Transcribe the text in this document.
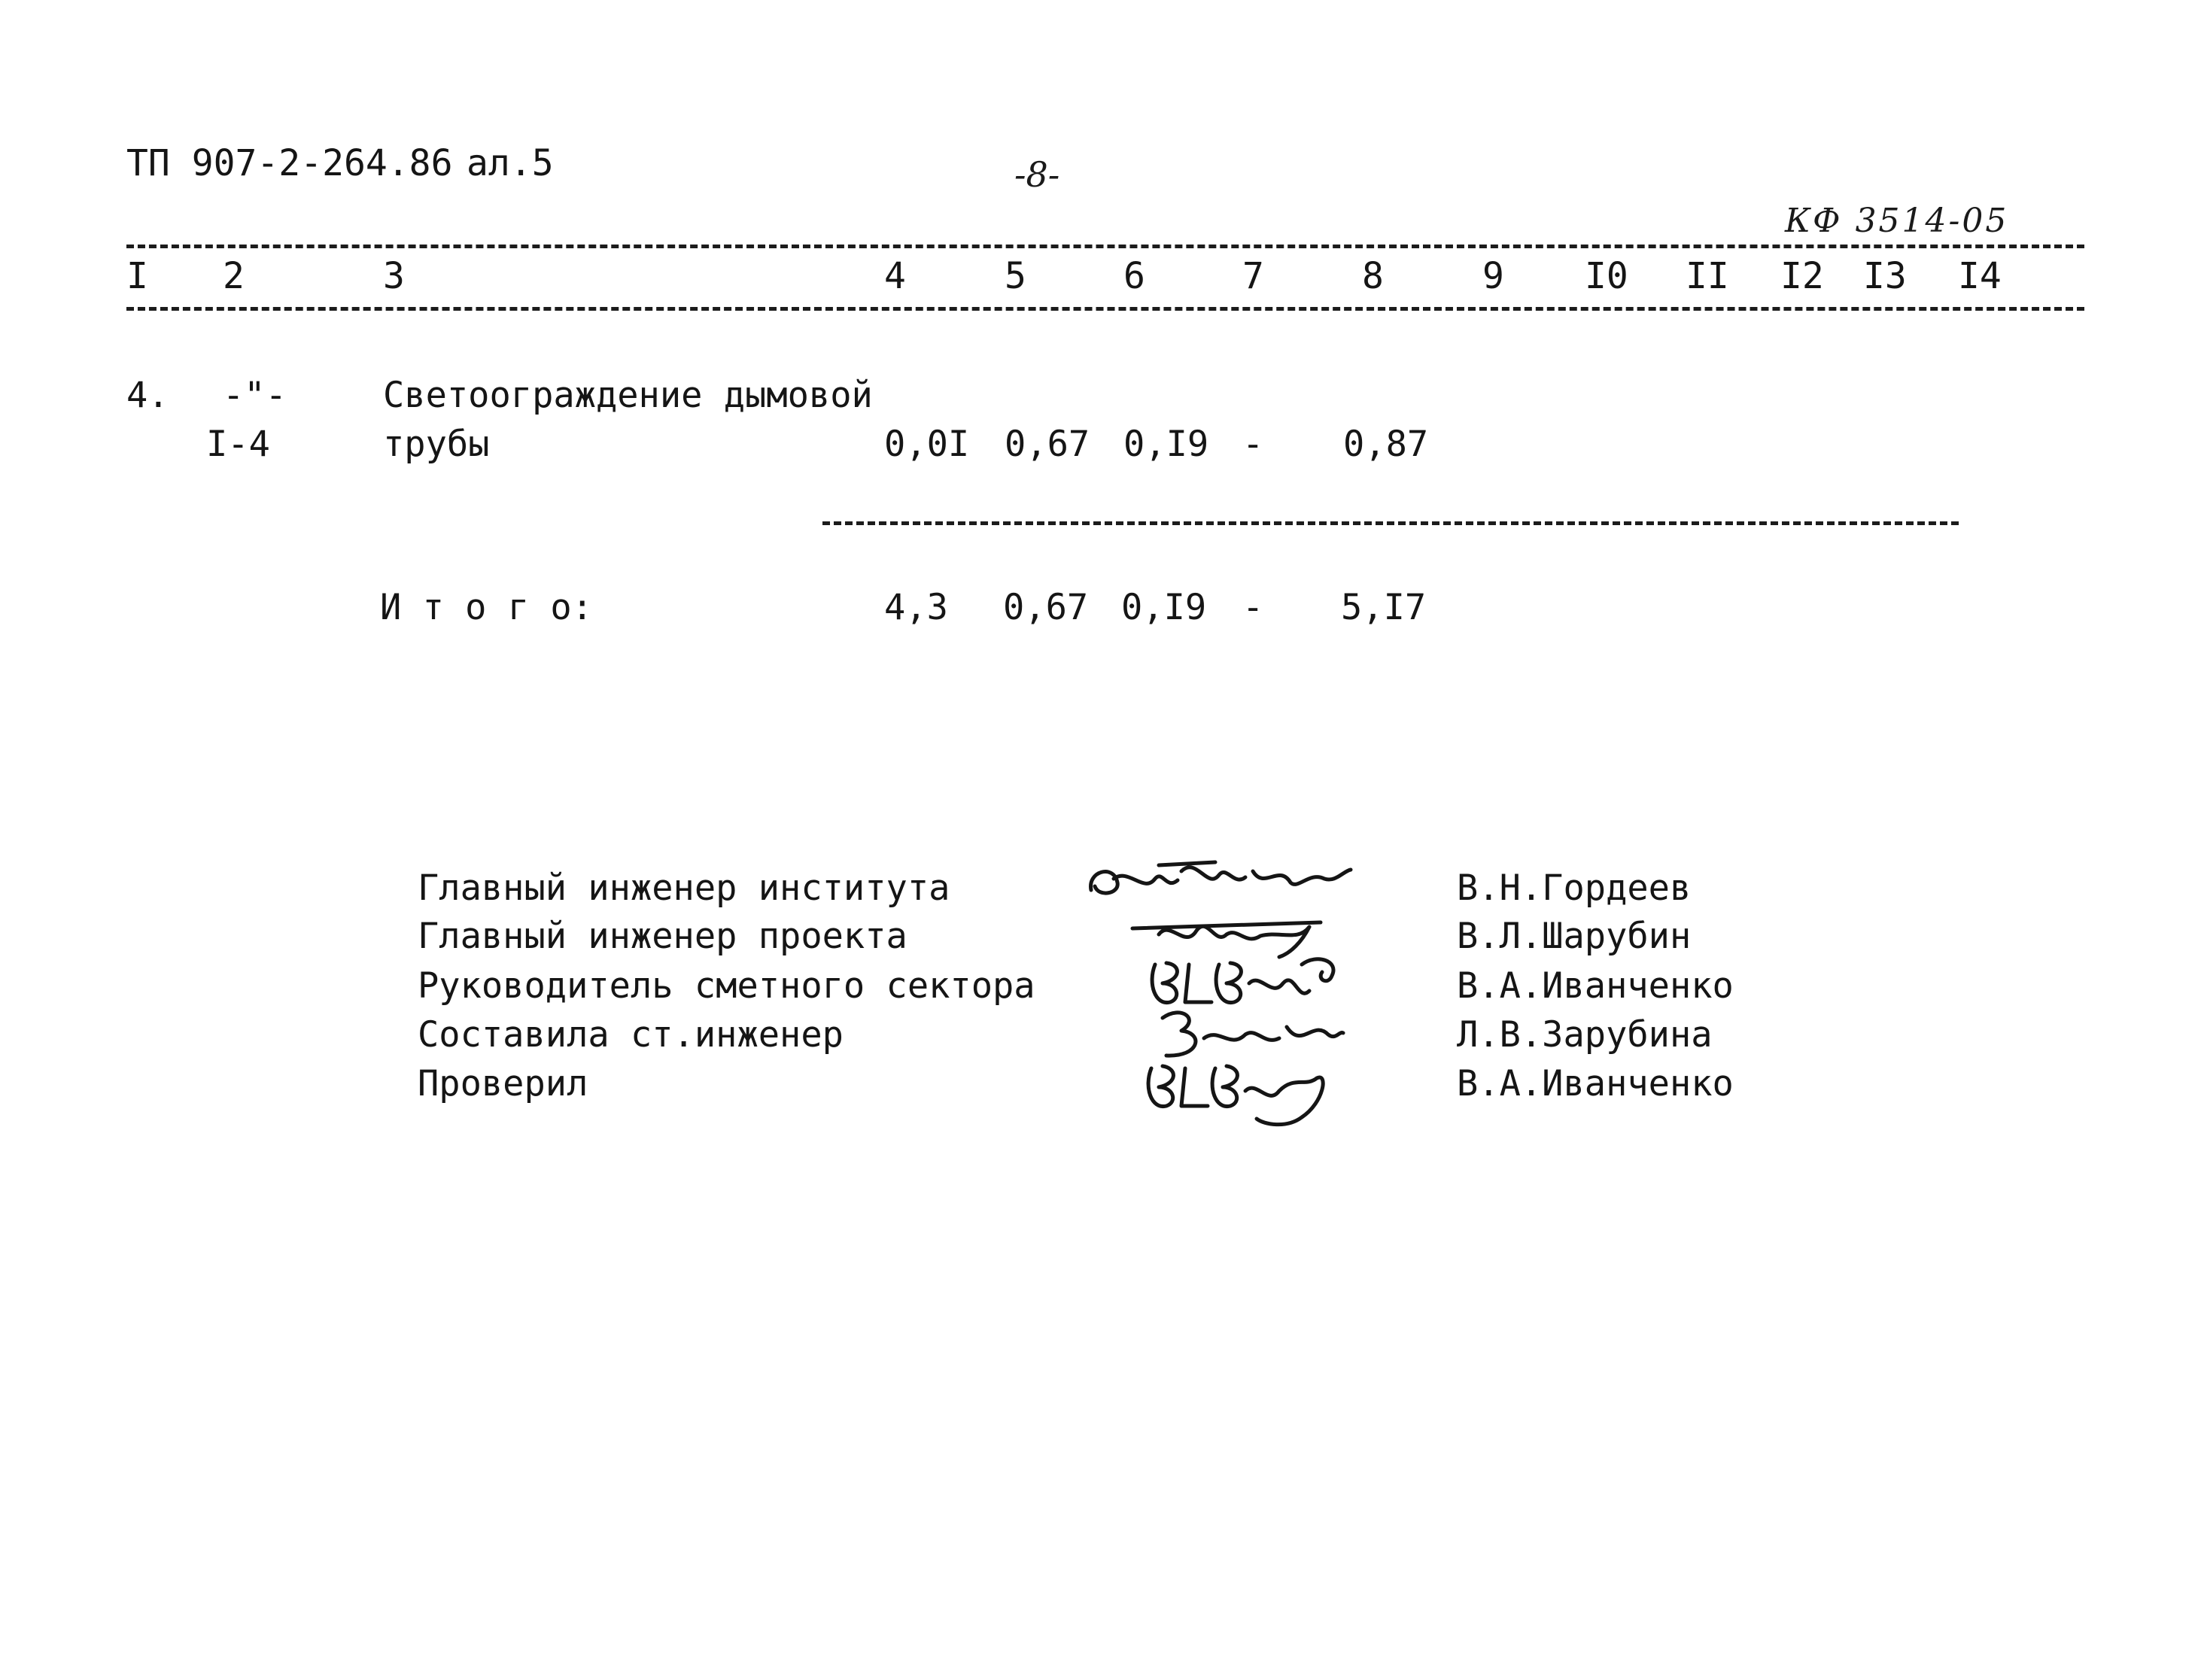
ТП 907-2-264.86 ал.5	-8-
КФ 3514-05
I 2	3	4	5	6	7	8	9 I0 II I2 I3 I4
4. -"-
I-4
Светоограждение дымовой
трубы	0,0I 0,67 0,I9 - 0,87
И т о г о:	4,3 0,67 0,I9 - 5,I7
Главный инженер института	В.Н.Гордеев
Главный инженер проекта	В.Л.Шарубин
Руководитель сметного сектора	В.А.Иванченко
Составила ст.инженер	Л.В.Зарубина
Проверил	В.А.Иванченко
